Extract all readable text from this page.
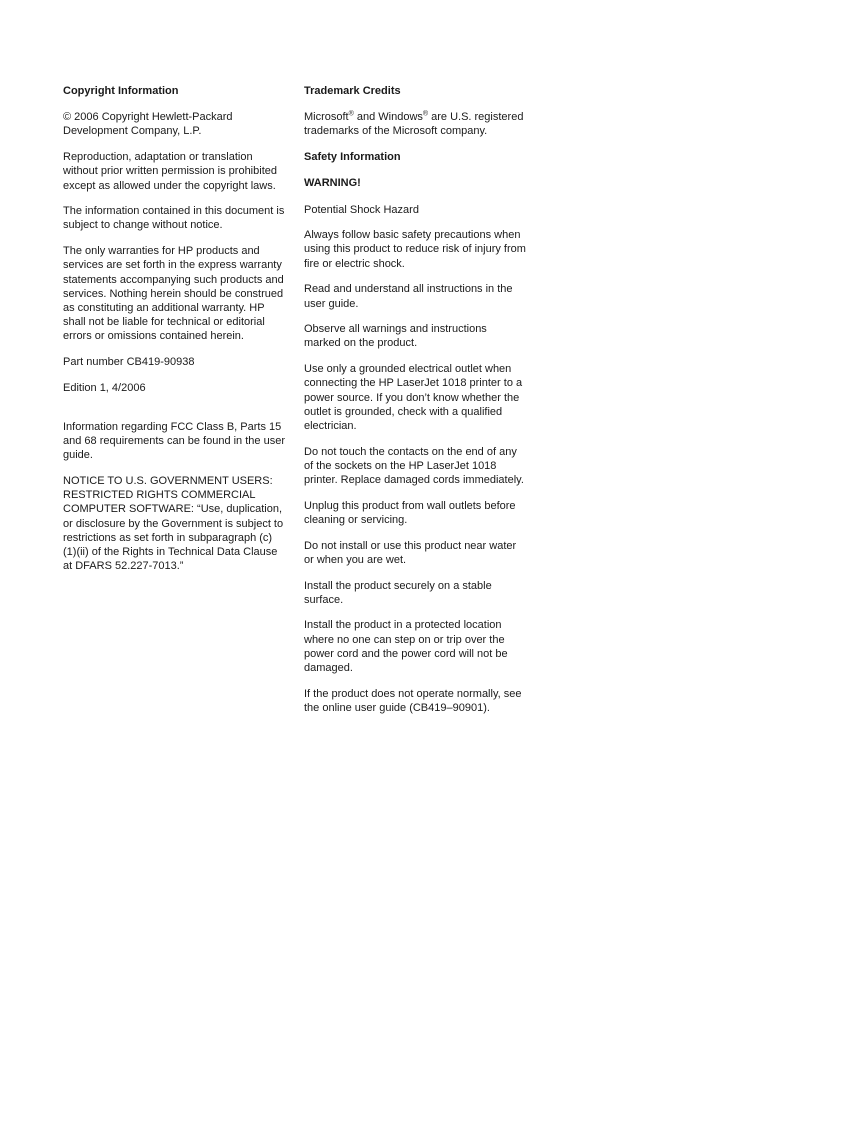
Copyright Information

© 2006 Copyright Hewlett-Packard Development Company, L.P.

Reproduction, adaptation or translation without prior written permission is prohibited except as allowed under the copyright laws.

The information contained in this document is subject to change without notice.

The only warranties for HP products and services are set forth in the express warranty statements accompanying such products and services. Nothing herein should be construed as constituting an additional warranty. HP shall not be liable for technical or editorial errors or omissions contained herein.

Part number CB419-90938

Edition 1, 4/2006

Information regarding FCC Class B, Parts 15 and 68 requirements can be found in the user guide.

NOTICE TO U.S. GOVERNMENT USERS: RESTRICTED RIGHTS COMMERCIAL COMPUTER SOFTWARE: “Use, duplication, or disclosure by the Government is subject to restrictions as set forth in subparagraph (c) (1)(ii) of the Rights in Technical Data Clause at DFARS 52.227-7013.”

Trademark Credits

Microsoft® and Windows® are U.S. registered trademarks of the Microsoft company.

Safety Information

WARNING!

Potential Shock Hazard

Always follow basic safety precautions when using this product to reduce risk of injury from fire or electric shock.

Read and understand all instructions in the user guide.

Observe all warnings and instructions marked on the product.

Use only a grounded electrical outlet when connecting the HP LaserJet 1018 printer to a power source. If you don’t know whether the outlet is grounded, check with a qualified electrician.

Do not touch the contacts on the end of any of the sockets on the HP LaserJet 1018 printer. Replace damaged cords immediately.

Unplug this product from wall outlets before cleaning or servicing.

Do not install or use this product near water or when you are wet.

Install the product securely on a stable surface.

Install the product in a protected location where no one can step on or trip over the power cord and the power cord will not be damaged.

If the product does not operate normally, see the online user guide (CB419–90901).
